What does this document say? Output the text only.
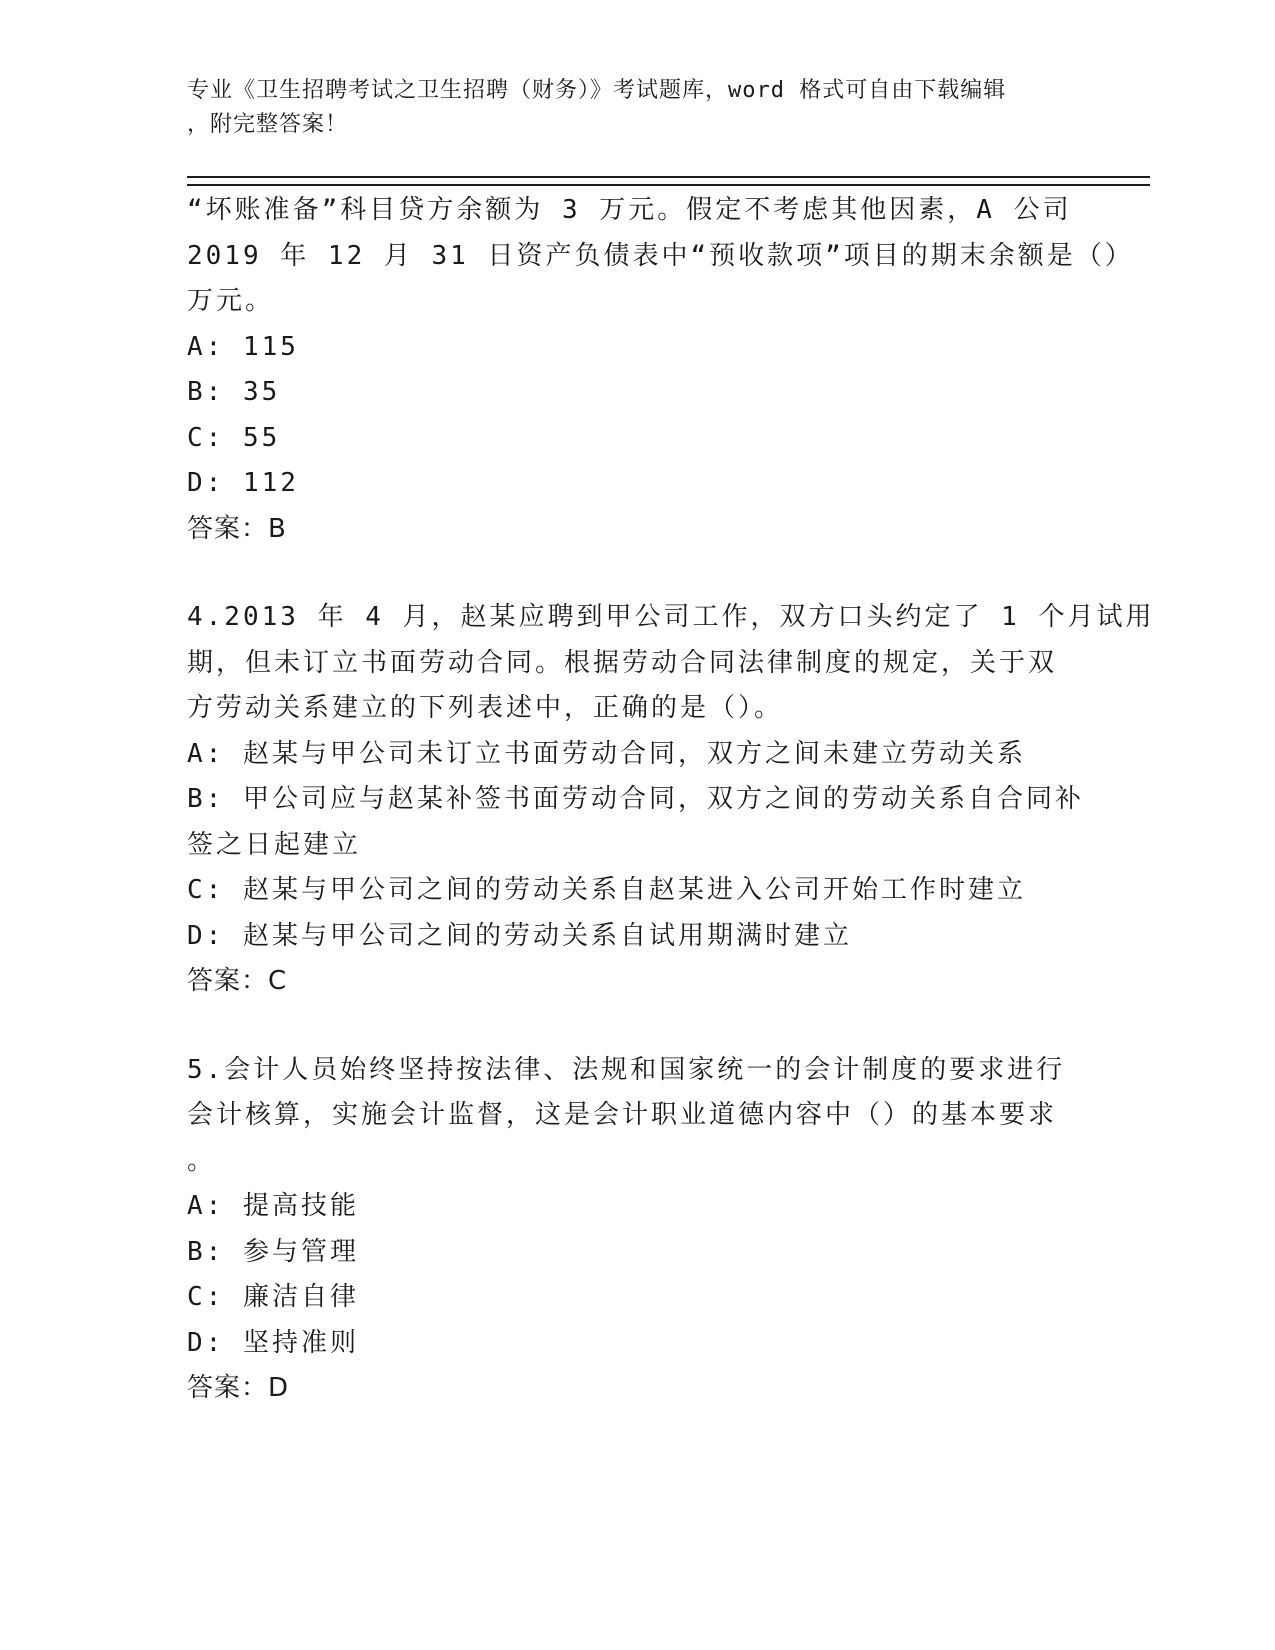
专业《卫生招聘考试之卫生招聘（财务）》考试题库，word 格式可自由下载编辑
，附完整答案！
“坏账准备”科目贷方余额为 3 万元。假定不考虑其他因素，A 公司
2019 年 12 月 31 日资产负债表中“预收款项”项目的期末余额是（）
万元。
A: 115
B: 35
C: 55
D: 112
答案：B
4.2013 年 4 月，赵某应聘到甲公司工作，双方口头约定了 1 个月试用
期，但未订立书面劳动合同。根据劳动合同法律制度的规定，关于双
方劳动关系建立的下列表述中，正确的是（）。
A: 赵某与甲公司未订立书面劳动合同，双方之间未建立劳动关系
B: 甲公司应与赵某补签书面劳动合同，双方之间的劳动关系自合同补
签之日起建立
C: 赵某与甲公司之间的劳动关系自赵某进入公司开始工作时建立
D: 赵某与甲公司之间的劳动关系自试用期满时建立
答案：C
5.会计人员始终坚持按法律、法规和国家统一的会计制度的要求进行
会计核算，实施会计监督，这是会计职业道德内容中（）的基本要求
。
A: 提高技能
B: 参与管理
C: 廉洁自律
D: 坚持准则
答案：D
